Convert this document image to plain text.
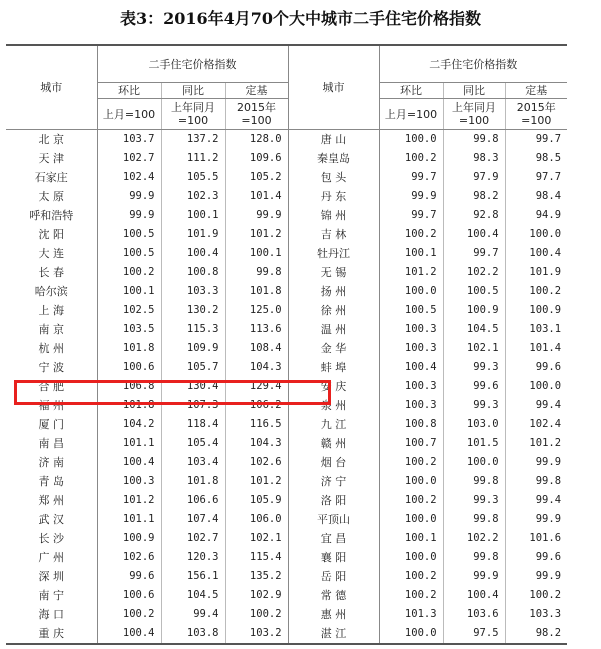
表3：2016年4月70个大中城市二手住宅价格指数
城市	二手住宅价格指数			城市	二手住宅价格指数		
	环比	同比	定基		环比	同比	定基
	上月=100	上年同月=100	2015年=100		上月=100	上年同月=100	2015年=100
北 京	103.7	137.2	128.0	唐 山	100.0	99.8	99.7
天 津	102.7	111.2	109.6	秦皇岛	100.2	98.3	98.5
石家庄	102.4	105.5	105.2	包 头	99.7	97.9	97.7
太 原	99.9	102.3	101.4	丹 东	99.9	98.2	98.4
呼和浩特	99.9	100.1	99.9	锦 州	99.7	92.8	94.9
沈 阳	100.5	101.9	101.2	吉 林	100.2	100.4	100.0
大 连	100.5	100.4	100.1	牡丹江	100.1	99.7	100.4
长 春	100.2	100.8	99.8	无 锡	101.2	102.2	101.9
哈尔滨	100.1	103.3	101.8	扬 州	100.0	100.5	100.2
上 海	102.5	130.2	125.0	徐 州	100.5	100.9	100.9
南 京	103.5	115.3	113.6	温 州	100.3	104.5	103.1
杭 州	101.8	109.9	108.4	金 华	100.3	102.1	101.4
宁 波	100.6	105.7	104.3	蚌 埠	100.4	99.3	99.6
合 肥	106.8	130.4	129.4	安 庆	100.3	99.6	100.0
福 州	101.8	107.3	106.2	泉 州	100.3	99.3	99.4
厦 门	104.2	118.4	116.5	九 江	100.8	103.0	102.4
南 昌	101.1	105.4	104.3	赣 州	100.7	101.5	101.2
济 南	100.4	103.4	102.6	烟 台	100.2	100.0	99.9
青 岛	100.3	101.8	101.2	济 宁	100.0	99.8	99.8
郑 州	101.2	106.6	105.9	洛 阳	100.2	99.3	99.4
武 汉	101.1	107.4	106.0	平顶山	100.0	99.8	99.9
长 沙	100.9	102.7	102.1	宜 昌	100.1	102.2	101.6
广 州	102.6	120.3	115.4	襄 阳	100.0	99.8	99.6
深 圳	99.6	156.1	135.2	岳 阳	100.2	99.9	99.9
南 宁	100.6	104.5	102.9	常 德	100.2	100.4	100.2
海 口	100.2	99.4	100.2	惠 州	101.3	103.6	103.3
重 庆	100.4	103.8	103.2	湛 江	100.0	97.5	98.2
